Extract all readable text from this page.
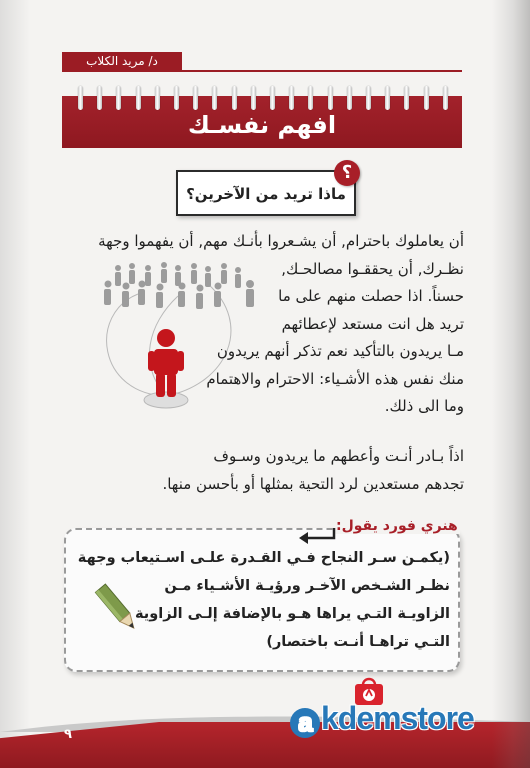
د/ مريد الكلاب
افهم نفسـك
ماذا تريد من الآخرين؟
؟
أن يعاملوك باحترام, أن يشـعروا بأنـك مهم, أن يفهموا وجهة
نظـرك, أن يحققـوا مصالحـك,
حسناً. اذا حصلت منهم على ما
تريد هل انت مستعد لإعطائهم
مـا يريدون بالتأكيد نعم تذكر أنهم يريدون
منك نفس هذه الأشـياء: الاحترام والاهتمام
وما الى ذلك.
اذاً بـادر أنـت وأعطهم ما يريدون وسـوف
تجدهم مستعدين لرد التحية بمثلها أو بأحسن منها.
هنري فورد يقول:
(يكمـن سـر النجاح فـي القـدرة علـى اسـتيعاب وجهة
نظـر الشـخص الآخـر ورؤيـة الأشـياء مـن
الزاويـة التـي يراها هـو بالإضافة إلـى الزاوية
التـي تراهـا أنـت باختصار)
٩	a kdemstore
